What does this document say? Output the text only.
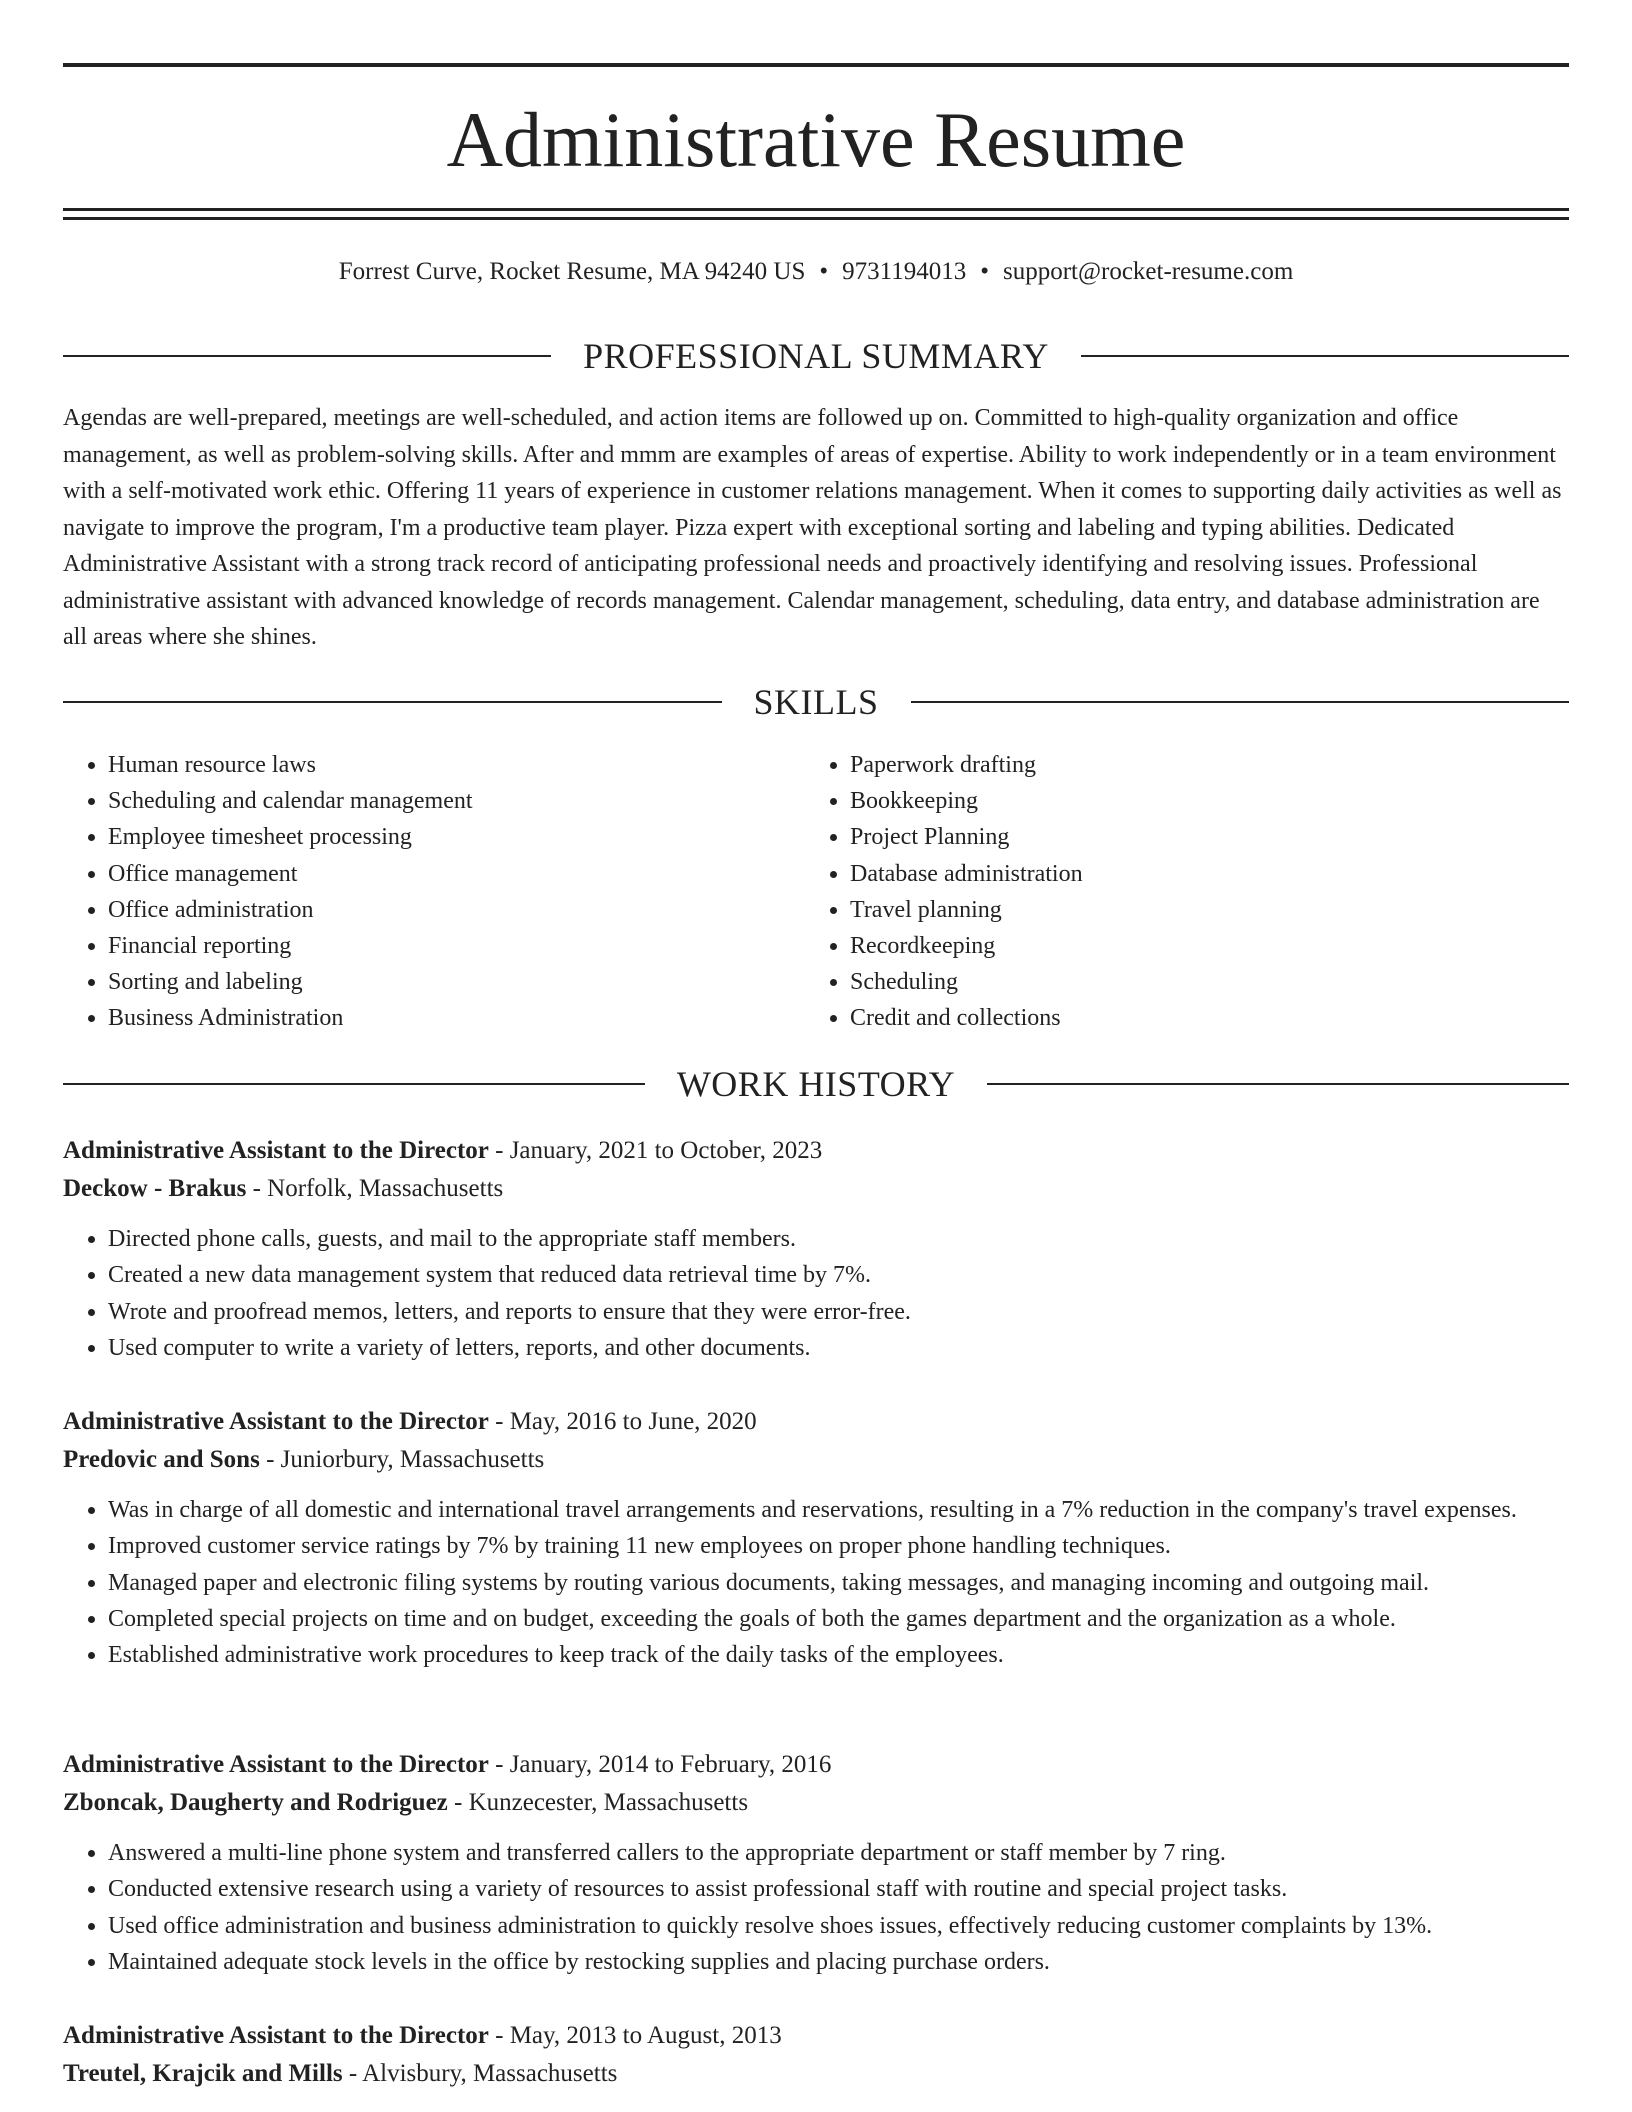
Administrative Resume
Forrest Curve, Rocket Resume, MA 94240 US • 9731194013 • support@rocket-resume.com
PROFESSIONAL SUMMARY

Agendas are well-prepared, meetings are well-scheduled, and action items are followed up on. Committed to high-quality organization and office management, as well as problem-solving skills. After and mmm are examples of areas of expertise. Ability to work independently or in a team environment with a self-motivated work ethic. Offering 11 years of experience in customer relations management. When it comes to supporting daily activities as well as navigate to improve the program, I'm a productive team player. Pizza expert with exceptional sorting and labeling and typing abilities. Dedicated Administrative Assistant with a strong track record of anticipating professional needs and proactively identifying and resolving issues. Professional administrative assistant with advanced knowledge of records management. Calendar management, scheduling, data entry, and database administration are all areas where she shines.

SKILLS
• Human resource laws
• Scheduling and calendar management
• Employee timesheet processing
• Office management
• Office administration
• Financial reporting
• Sorting and labeling
• Business Administration
• Paperwork drafting
• Bookkeeping
• Project Planning
• Database administration
• Travel planning
• Recordkeeping
• Scheduling
• Credit and collections
WORK HISTORY

Administrative Assistant to the Director - January, 2021 to October, 2023

Deckow - Brakus - Norfolk, Massachusetts

• Directed phone calls, guests, and mail to the appropriate staff members.
• Created a new data management system that reduced data retrieval time by 7%.
• Wrote and proofread memos, letters, and reports to ensure that they were error-free.
• Used computer to write a variety of letters, reports, and other documents.

Administrative Assistant to the Director - May, 2016 to June, 2020

Predovic and Sons - Juniorbury, Massachusetts

• Was in charge of all domestic and international travel arrangements and reservations, resulting in a 7% reduction in the company's travel expenses.
• Improved customer service ratings by 7% by training 11 new employees on proper phone handling techniques.
• Managed paper and electronic filing systems by routing various documents, taking messages, and managing incoming and outgoing mail.
• Completed special projects on time and on budget, exceeding the goals of both the games department and the organization as a whole.
• Established administrative work procedures to keep track of the daily tasks of the employees.

Administrative Assistant to the Director - January, 2014 to February, 2016

Zboncak, Daugherty and Rodriguez - Kunzecester, Massachusetts

• Answered a multi-line phone system and transferred callers to the appropriate department or staff member by 7 ring.
• Conducted extensive research using a variety of resources to assist professional staff with routine and special project tasks.
• Used office administration and business administration to quickly resolve shoes issues, effectively reducing customer complaints by 13%.
• Maintained adequate stock levels in the office by restocking supplies and placing purchase orders.

Administrative Assistant to the Director - May, 2013 to August, 2013

Treutel, Krajcik and Mills - Alvisbury, Massachusetts
